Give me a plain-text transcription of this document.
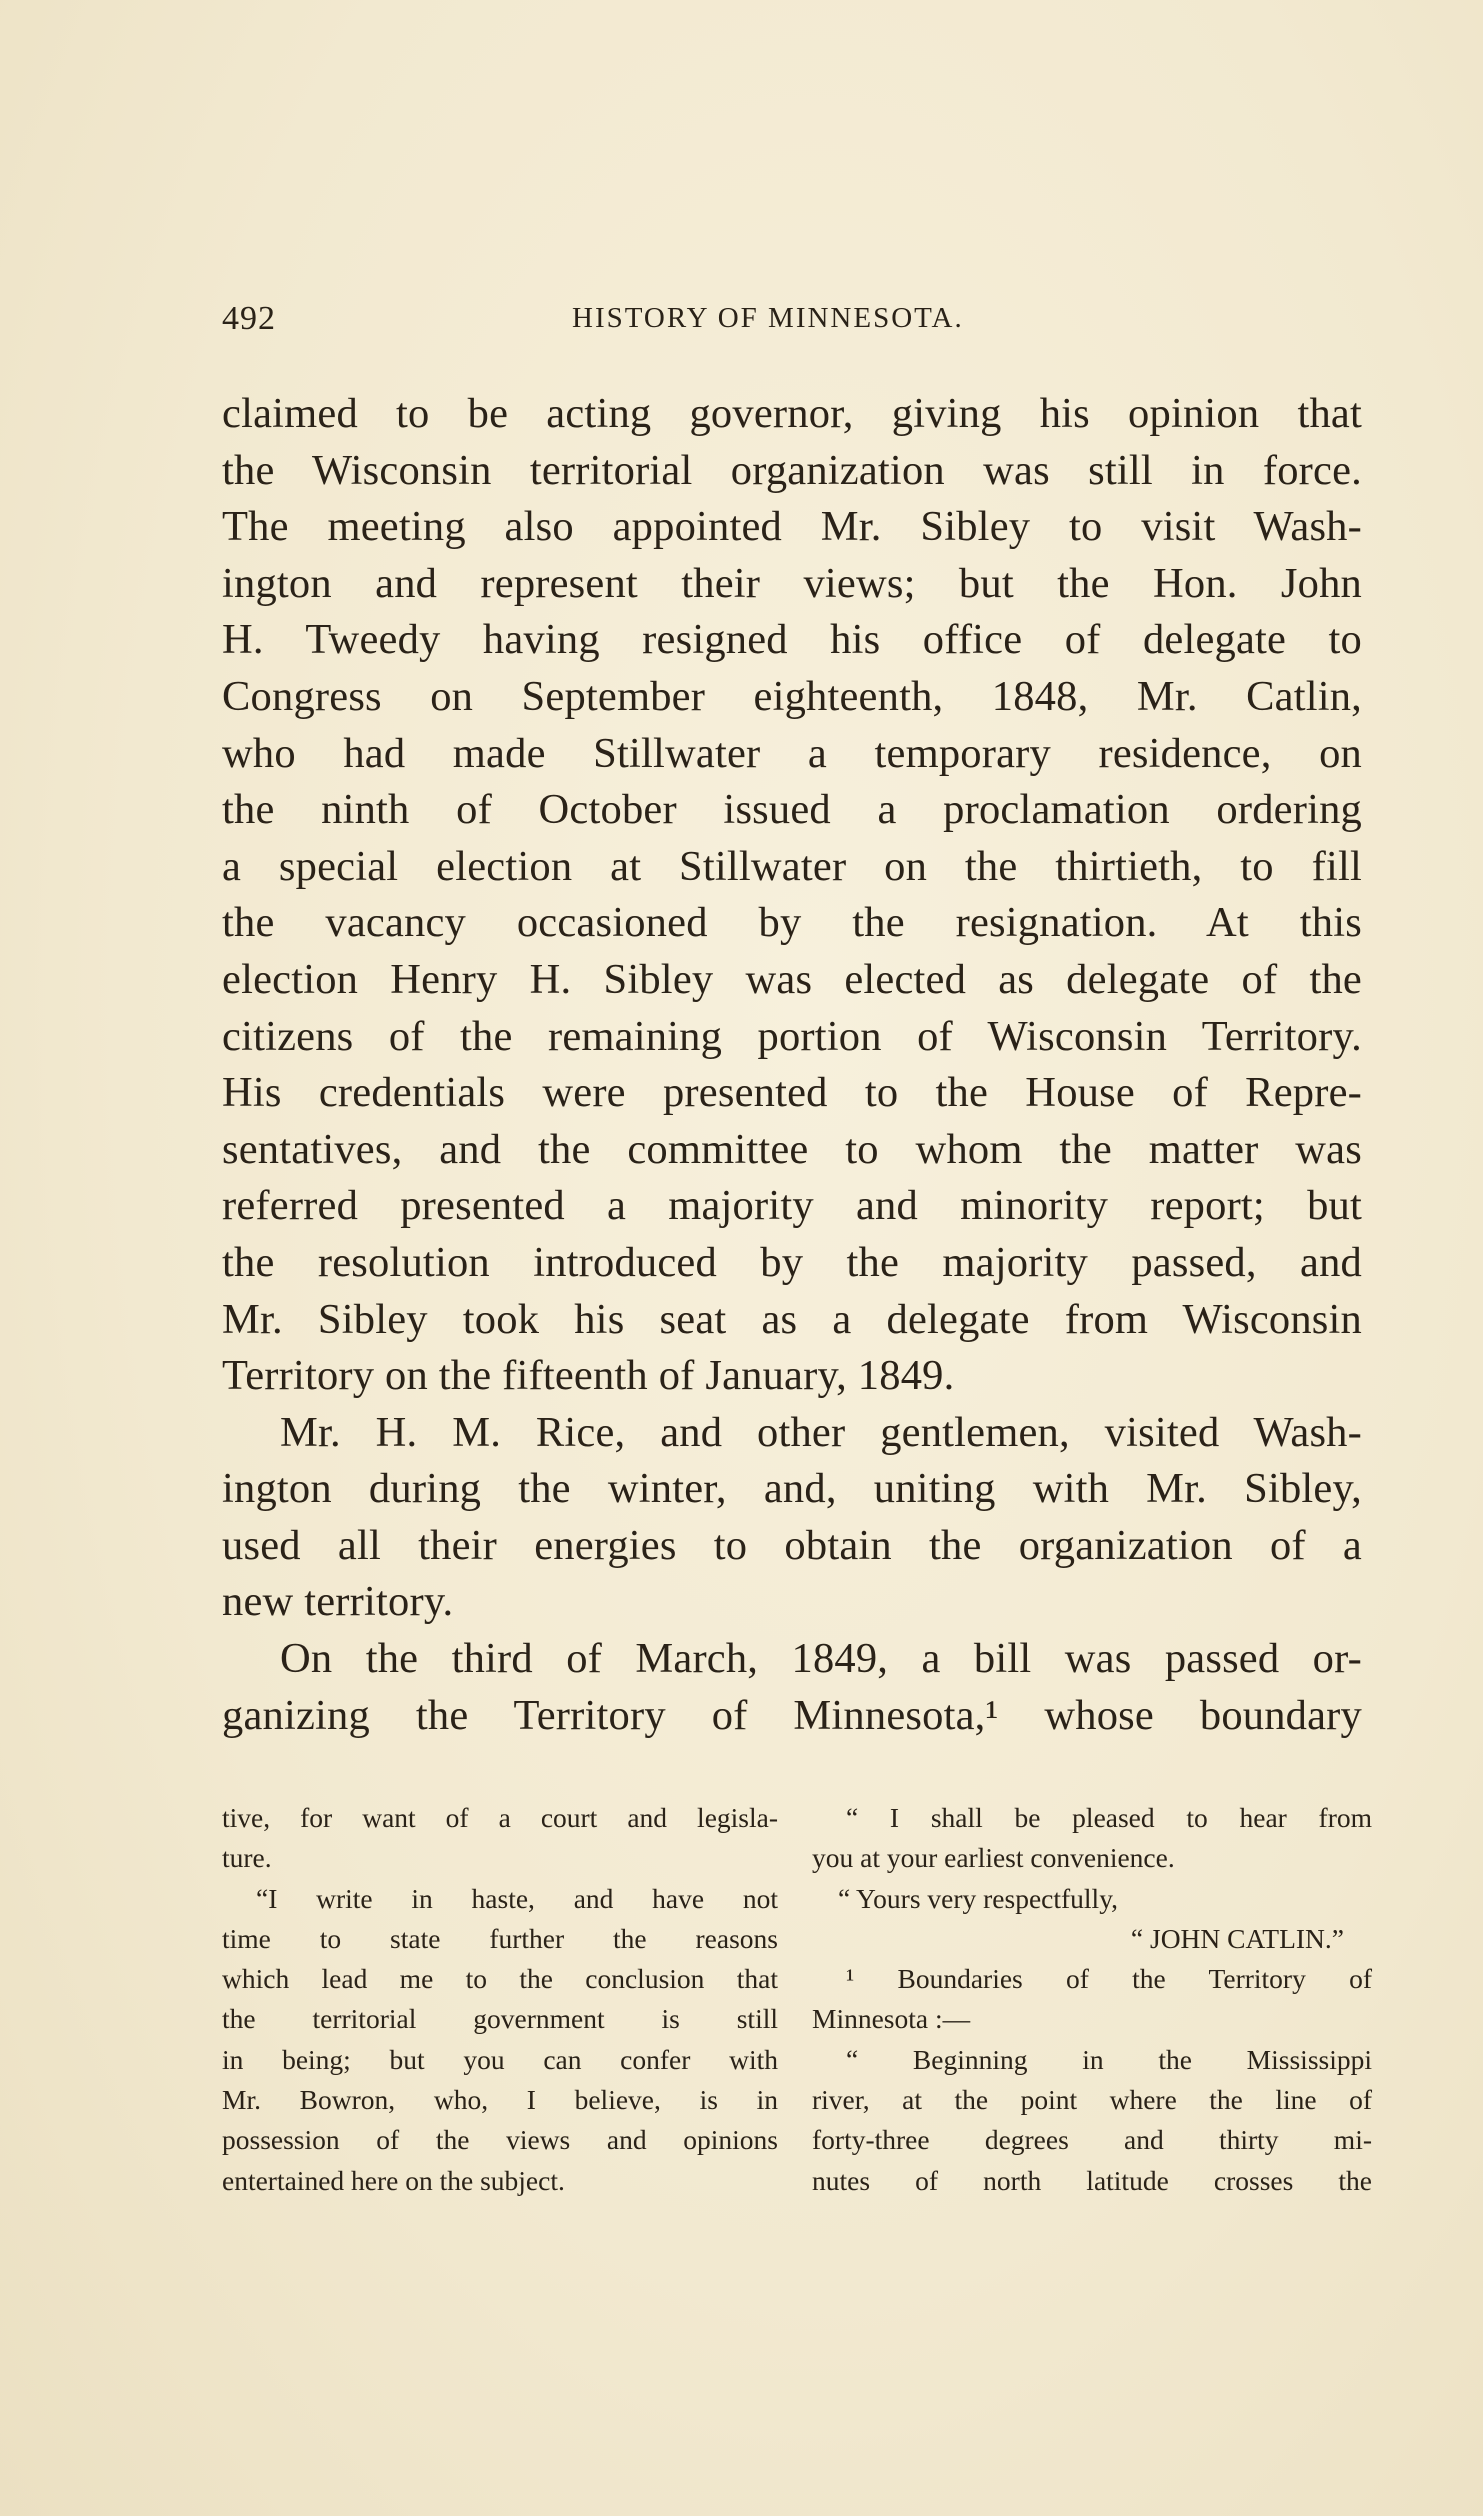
492	HISTORY OF MINNESOTA.
claimed to be acting governor, giving his opinion that
the Wisconsin territorial organization was still in force.
The meeting also appointed Mr. Sibley to visit Wash-
ington and represent their views; but the Hon. John
H. Tweedy having resigned his office of delegate to
Congress on September eighteenth, 1848, Mr. Catlin,
who had made Stillwater a temporary residence, on
the ninth of October issued a proclamation ordering
a special election at Stillwater on the thirtieth, to fill
the vacancy occasioned by the resignation. At this
election Henry H. Sibley was elected as delegate of the
citizens of the remaining portion of Wisconsin Territory.
His credentials were presented to the House of Repre-
sentatives, and the committee to whom the matter was
referred presented a majority and minority report; but
the resolution introduced by the majority passed, and
Mr. Sibley took his seat as a delegate from Wisconsin
Territory on the fifteenth of January, 1849.
Mr. H. M. Rice, and other gentlemen, visited Wash-
ington during the winter, and, uniting with Mr. Sibley,
used all their energies to obtain the organization of a
new territory.
On the third of March, 1849, a bill was passed or-
ganizing the Territory of Minnesota,¹ whose boundary
tive, for want of a court and legisla-
ture.
“I write in haste, and have not
time to state further the reasons
which lead me to the conclusion that
the territorial government is still
in being; but you can confer with
Mr. Bowron, who, I believe, is in
possession of the views and opinions
entertained here on the subject.
“ I shall be pleased to hear from
you at your earliest convenience.
“ Yours very respectfully,
“ JOHN CATLIN.”
¹ Boundaries of the Territory of
Minnesota :—
“ Beginning in the Mississippi
river, at the point where the line of
forty-three degrees and thirty mi-
nutes of north latitude crosses the
